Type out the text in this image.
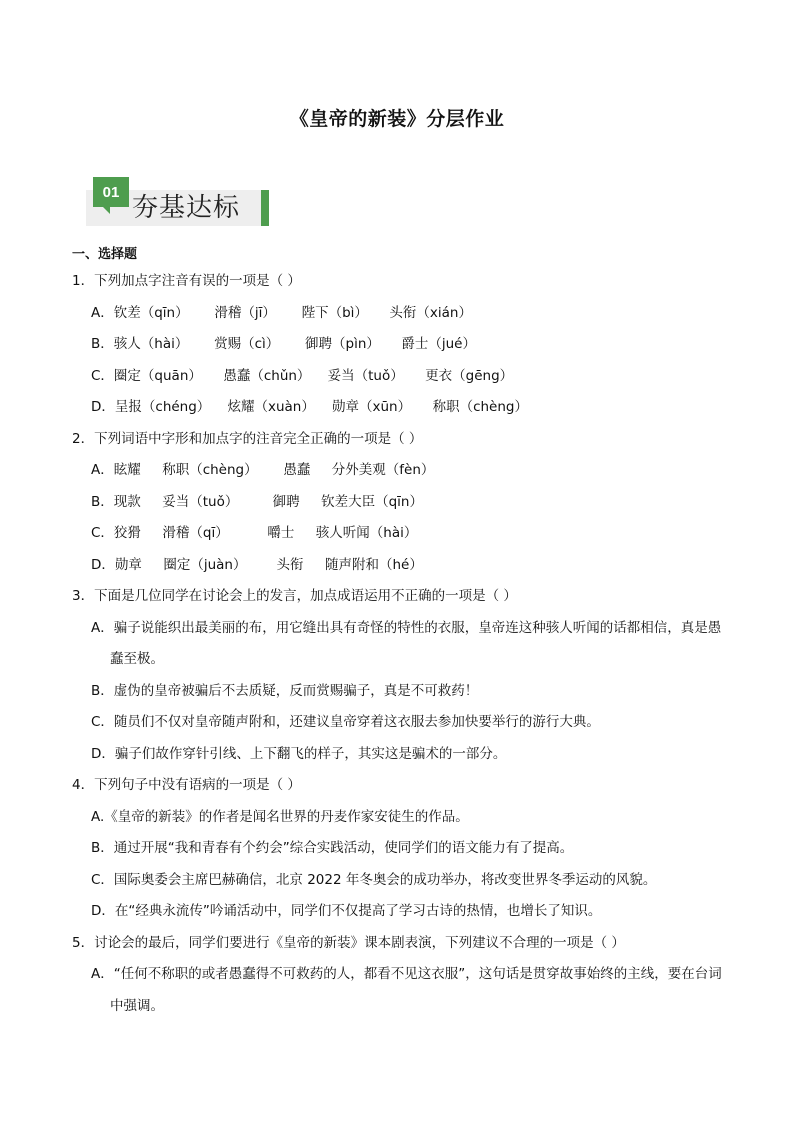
《皇帝的新装》分层作业
01
夯基达标
一、选择题
1．下列加点字注音有误的一项是（ ）
A．钦差（qīn）      滑稽（jī）      陛下（bì）     头衔（xián）
B．骇人（hài）      赏赐（cì）      御聘（pìn）     爵士（jué）
C．圈定（quān）     愚蠢（chǔn）    妥当（tuǒ）     更衣（gēng）
D．呈报（chéng）    炫耀（xuàn）    勋章（xūn）     称职（chèng）
2．下列词语中字形和加点字的注音完全正确的一项是（ ）
A．眩耀     称职（chèng）      愚蠢     分外美观（fèn）
B．现款     妥当（tuǒ）        御聘     钦差大臣（qīn）
C．狡猾     滑稽（qī）         嚼士     骇人听闻（hài）
D．勋章     圈定（juàn）       头衔     随声附和（hé）
3．下面是几位同学在讨论会上的发言，加点成语运用不正确的一项是（ ）
A．骗子说能织出最美丽的布，用它缝出具有奇怪的特性的衣服，皇帝连这种骇人听闻的话都相信，真是愚蠢至极。
B．虚伪的皇帝被骗后不去质疑，反而赏赐骗子，真是不可救药！
C．随员们不仅对皇帝随声附和，还建议皇帝穿着这衣服去参加快要举行的游行大典。
D．骗子们故作穿针引线、上下翻飞的样子，其实这是骗术的一部分。
4．下列句子中没有语病的一项是（ ）
A.《皇帝的新装》的作者是闻名世界的丹麦作家安徒生的作品。
B．通过开展“我和青春有个约会”综合实践活动，使同学们的语文能力有了提高。
C．国际奥委会主席巴赫确信，北京 2022 年冬奥会的成功举办，将改变世界冬季运动的风貌。
D．在“经典永流传”吟诵活动中，同学们不仅提高了学习古诗的热情，也增长了知识。
5．讨论会的最后，同学们要进行《皇帝的新装》课本剧表演，下列建议不合理的一项是（ ）
A．“任何不称职的或者愚蠢得不可救药的人，都看不见这衣服”，这句话是贯穿故事始终的主线，要在台词中强调。
